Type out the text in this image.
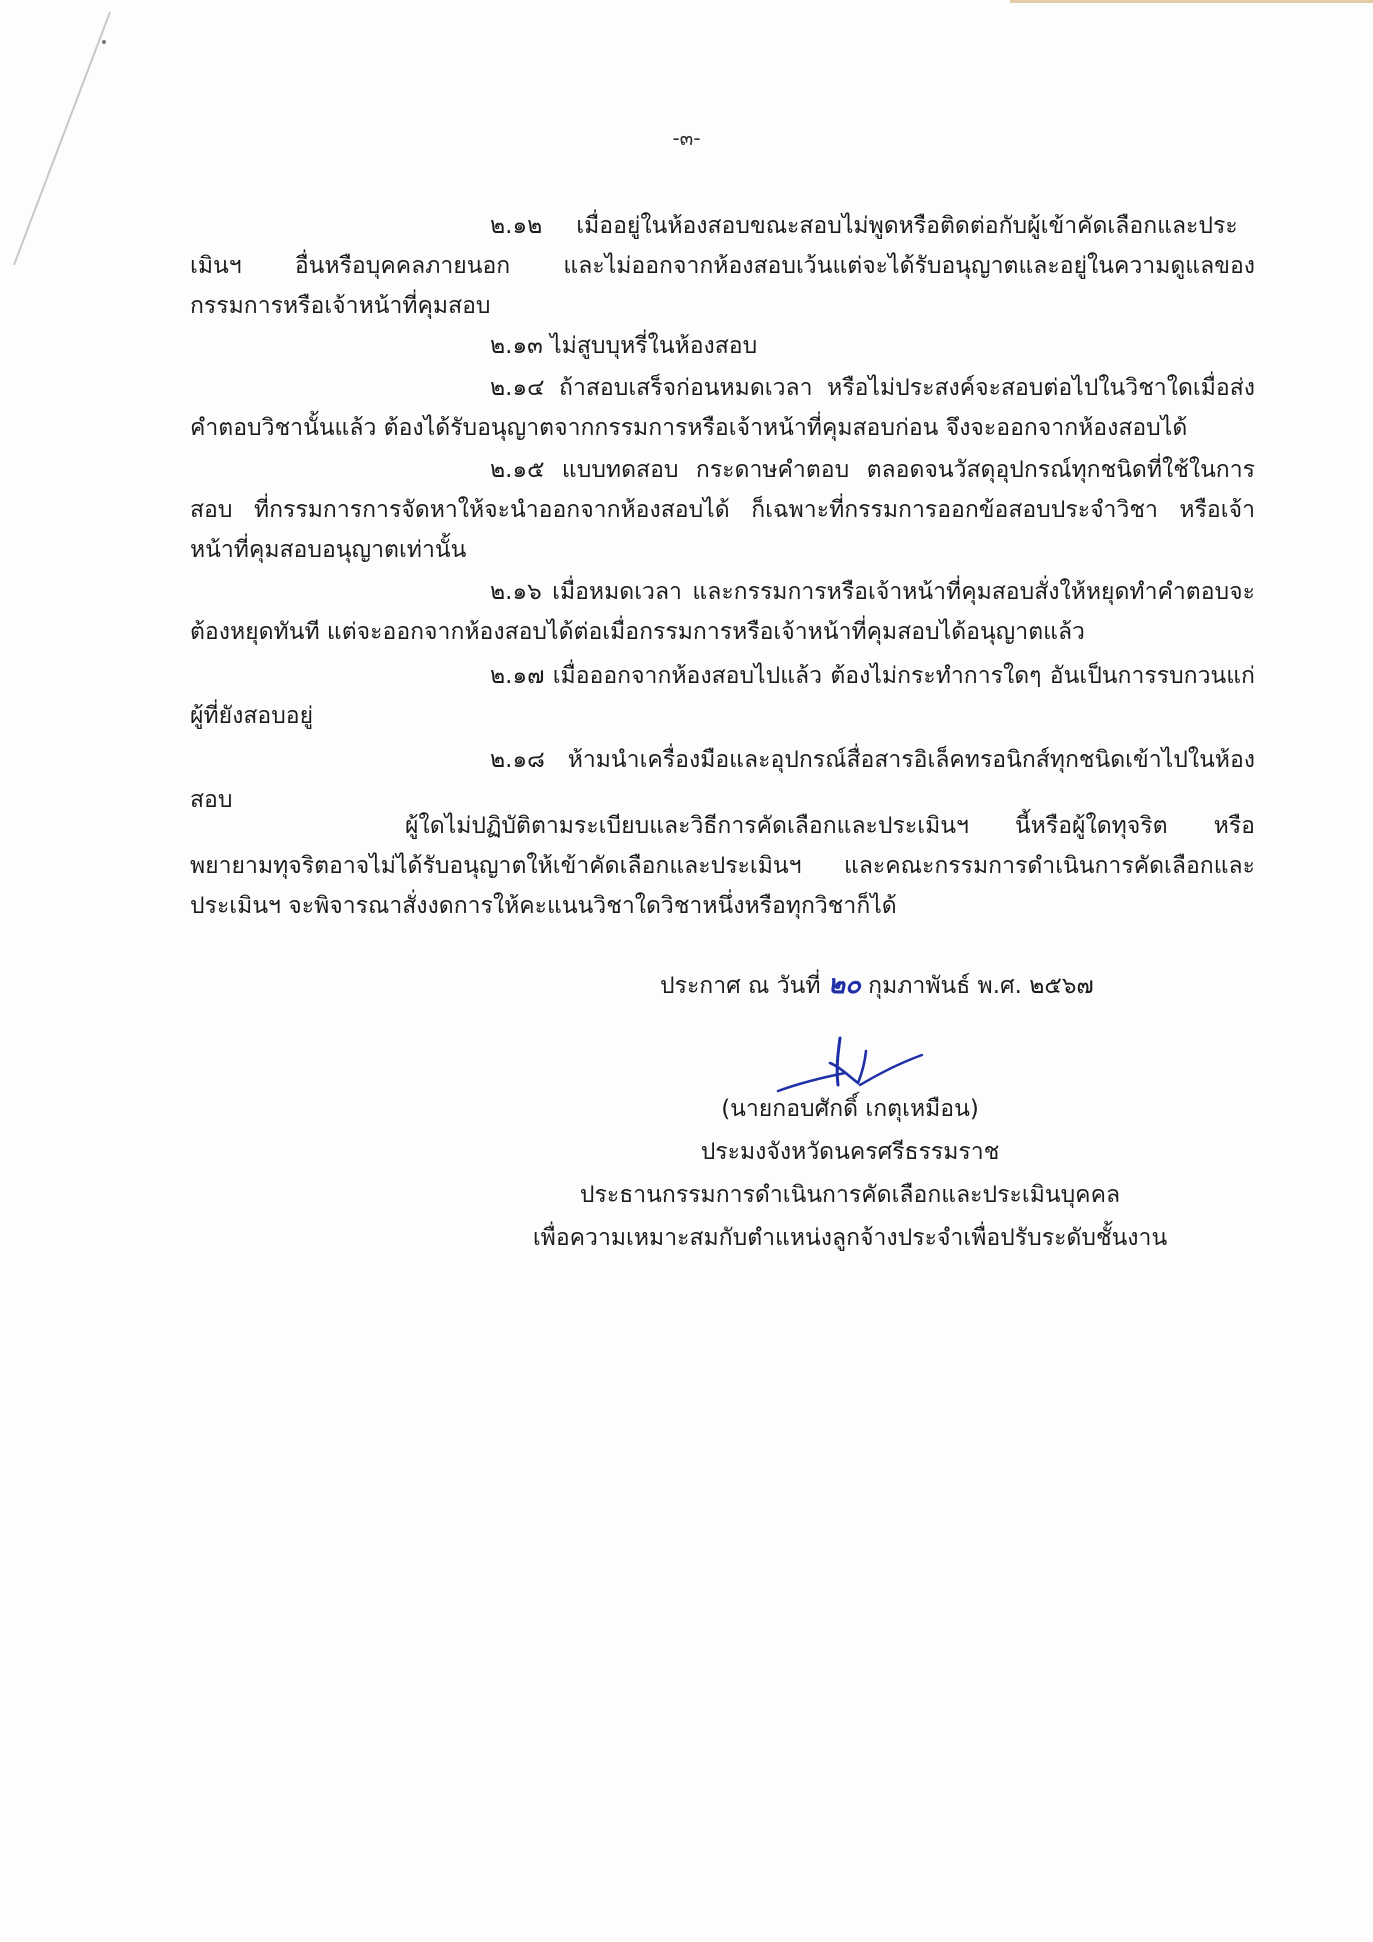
-๓-
๒.๑๒ เมื่ออยู่ในห้องสอบขณะสอบไม่พูดหรือติดต่อกับผู้เข้าคัดเลือกและประเมินฯ อื่นหรือบุคคลภายนอก และไม่ออกจากห้องสอบเว้นแต่จะได้รับอนุญาตและอยู่ในความดูแลของกรรมการหรือเจ้าหน้าที่คุมสอบ
๒.๑๓ ไม่สูบบุหรี่ในห้องสอบ
๒.๑๔ ถ้าสอบเสร็จก่อนหมดเวลา หรือไม่ประสงค์จะสอบต่อไปในวิชาใดเมื่อส่งคำตอบวิชานั้นแล้ว ต้องได้รับอนุญาตจากกรรมการหรือเจ้าหน้าที่คุมสอบก่อน จึงจะออกจากห้องสอบได้
๒.๑๕ แบบทดสอบ กระดาษคำตอบ ตลอดจนวัสดุอุปกรณ์ทุกชนิดที่ใช้ในการสอบ ที่กรรมการการจัดหาให้จะนำออกจากห้องสอบได้ ก็เฉพาะที่กรรมการออกข้อสอบประจำวิชา หรือเจ้าหน้าที่คุมสอบอนุญาตเท่านั้น
๒.๑๖ เมื่อหมดเวลา และกรรมการหรือเจ้าหน้าที่คุมสอบสั่งให้หยุดทำคำตอบจะต้องหยุดทันที แต่จะออกจากห้องสอบได้ต่อเมื่อกรรมการหรือเจ้าหน้าที่คุมสอบได้อนุญาตแล้ว
๒.๑๗ เมื่อออกจากห้องสอบไปแล้ว ต้องไม่กระทำการใดๆ อันเป็นการรบกวนแก่ผู้ที่ยังสอบอยู่
๒.๑๘ ห้ามนำเครื่องมือและอุปกรณ์สื่อสารอิเล็คทรอนิกส์ทุกชนิดเข้าไปในห้องสอบ
ผู้ใดไม่ปฏิบัติตามระเบียบและวิธีการคัดเลือกและประเมินฯ นี้หรือผู้ใดทุจริต หรือพยายามทุจริตอาจไม่ได้รับอนุญาตให้เข้าคัดเลือกและประเมินฯ และคณะกรรมการดำเนินการคัดเลือกและประเมินฯ จะพิจารณาสั่งงดการให้คะแนนวิชาใดวิชาหนึ่งหรือทุกวิชาก็ได้
ประกาศ ณ วันที่ ๒๐ กุมภาพันธ์ พ.ศ. ๒๕๖๗
(นายกอบศักดิ์ เกตุเหมือน)
ประมงจังหวัดนครศรีธรรมราช
ประธานกรรมการดำเนินการคัดเลือกและประเมินบุคคล
เพื่อความเหมาะสมกับตำแหน่งลูกจ้างประจำเพื่อปรับระดับชั้นงาน
